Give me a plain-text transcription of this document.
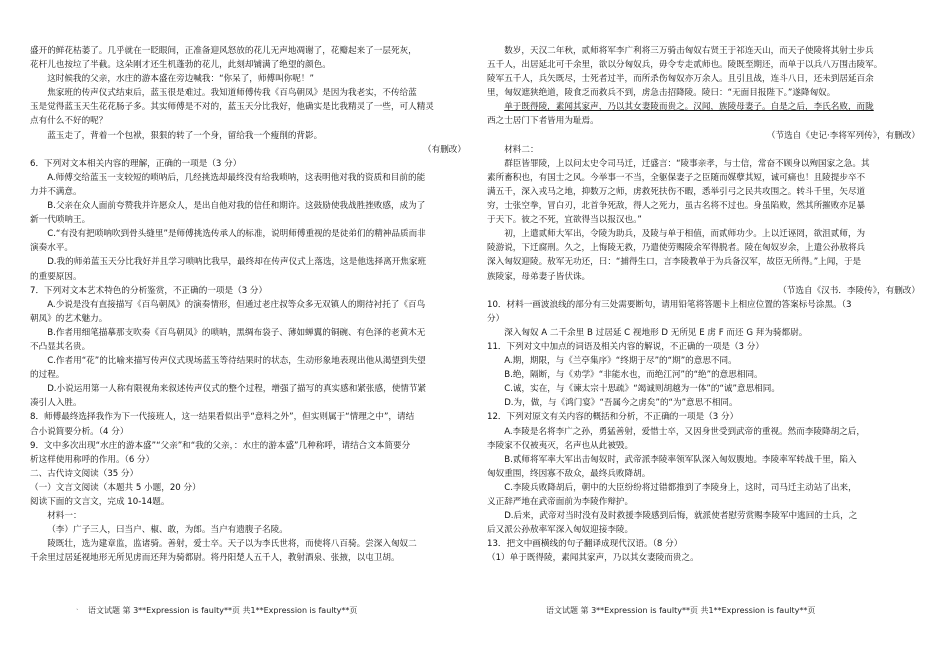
盛开的鲜花枯萎了。几乎就在一眨眼间，正准备迎风怒放的花儿无声地凋谢了，花瓣起来了一层死灰，

花杆儿也按垃了半截。这朵刚才还生机蓬勃的花儿，此刻却铺满了绝望的颜色。

这时候我的父亲，水庄的游本盛在旁边喊我：“你呆了，师傅叫你呢！”

焦家班的传声仪式结束后，蓝玉很是难过。我知道师傅传我《百鸟朝凤》是因为我老实，不传给蓝

玉是觉得蓝玉天生花花肠子多。其实师傅是不对的，蓝玉天分比我好，他确实是比我精灵了一些，可人精灵

点有什么不好的呢？

蓝玉走了，背着一个包袱，狠狠的转了一个身，留给我一个瘦削的背影。

（有删改）

6．下列对文本相关内容的理解，正确的一项是（3 分）

A.师傅交给蓝玉一支较短的唢呐后，几经挑选却最终没有给我唢呐，这表明他对我的资质和目前的能

力并不满意。

B.父亲在众人面前夸赞我并许愿众人，是出自他对我的信任和期许。这鼓励使我战胜挫败感，成为了

新一代唢呐王。

C.“有没有把唢呐吹到骨头缝里”是师傅挑选传承人的标准，说明师傅重视的是徒弟们的精神品质而非

演奏水平。

D.我的师弟蓝玉天分比我好并且学习唢呐比我早，最终却在传声仪式上落选，这是他选择离开焦家班

的重要原因。

7．下列对文本艺术特色的分析鉴赏，不正确的一项是（3 分）

A.少说是没有直接描写《百鸟朝凤》的演奏情形，但通过老庄叔等众多无双镇人的期待衬托了《百鸟

朝凤》的艺术魅力。

B.作者用细笔描摹那支吹奏《百鸟朝凤》的唢呐，黑绸布袋子、薄如蝉翼的铜碗、有色泽的老黄木无

不凸显其名贵。

C.作者用“花”的比喻来描写传声仪式现场蓝玉等待结果时的状态，生动形象地表现出他从渴望到失望

的过程。

D.小说运用第一人称有限视角来叙述传声仪式的整个过程，增强了描写的真实感和紧张感，使情节紧

凑引人入胜。

8．师傅最终选择我作为下一代接班人，这一结果看似出乎“意料之外”，但实则属于“情理之中”，请结

合小说简要分析。（4 分）

9．文中多次出现“水庄的游本盛”“父亲”和“我的父亲，：水庄的游本盛”几种称呼，请结合文本简要分

析这样使用称呼的作用。（6 分）

二、古代诗文阅读（35 分）

（一）文言文阅读（本题共 5 小题，20 分）

阅读下面的文言文，完成 10-14题。

材料一：

（李）广子三人，曰当户、椒、敢，为郎。当户有遗腹子名陵。

陵既壮，选为建章监，监诸骑。善射，爱士卒。天子以为李氏世将，而使将八百骑。尝深入匈奴二

千余里过居延视地形无所见虏而还拜为骑都尉。将丹阳楚人五千人，教射酒泉、张掖，以屯卫胡。

数岁，天汉二年秋，贰师将军李广利将三万骑击匈奴右贤王于祁连天山，而天子使陵将其射士步兵

五千人，出居延北可千余里，欲以分匈奴兵，毋令专走贰师也。陵既至期还，而单于以兵八万围击陵军。

陵军五千人，兵矢既尽，士死者过半，而所杀伤匈奴亦万余人。且引且战，连斗八日，还未到居延百余

里，匈奴遮狭绝道，陵食乏而救兵不到，虏急击招降陵。陵曰：“无面目报陛下。”遂降匈奴。

单于既得陵，素闻其家声，乃以其女妻陵而贵之。汉闻，族陵母妻子。自是之后，李氏名败，而陇

西之士居门下者皆用为耻焉。

（节选自《史记·李将军列传》，有删改）

材料二：

群臣皆罪陵，上以问太史令司马迁，迁盛言：“陵事亲孝，与士信，常奋不顾身以殉国家之急。其

素所畜积也，有国士之风。今举事一不当，全躯保妻子之臣随而媒孽其短，诚可痛也！且陵提步卒不

满五千，深入戎马之地，抑数万之师，虏救死扶伤不暇，悉举引弓之民共攻围之。转斗千里，矢尽道

穷，士张空拳，冒白刃，北首争死敌，得人之死力，虽古名将不过也。身虽陷败，然其所摧败亦足暴

于天下。彼之不死，宜欲得当以报汉也。”

初，上遣贰师大军出，令陵为助兵，及陵与单于相值，而贰师功少。上以迁诬罔，欲沮贰师，为

陵游说，下迁腐刑。久之，上悔陵无救，乃遣使劳赐陵余军得脱者。陵在匈奴岁余，上遣公孙敖将兵

深入匈奴迎陵。敖军无功还，曰：“捕得生口，言李陵教单于为兵备汉军，故臣无所得。”上闻，于是

族陵家，母弟妻子皆伏诛。

（节选自《汉书．李陵传》，有删改）

10．材料一画波浪线的部分有三处需要断句，请用铅笔将答题卡上相应位置的答案标号涂黑。（3

分）

深入匈奴 A 二千余里 B 过居延 C 视地形 D 无所见 E 虏 F 而还 G 拜为骑都尉。

11．下列对文中加点的词语及相关内容的解说，不正确的一项是（3 分）

A.期，期限，与《兰亭集序》“终期于尽”的“期”的意思不同。

B.绝，隔断，与《劝学》“非能水也，而绝江河”的“绝”的意思相同。

C.诚，实在，与《谏太宗十思疏》“竭诚则胡越为一体”的“诚”意思相同。

D.为，做，与《鸿门宴》“吾属今之虏矣”的“为”意思不相同。

12．下列对原文有关内容的概括和分析，不正确的一项是（3 分）

A.李陵是名将李广之孙，勇猛善射，爱惜士卒，又因身世受到武帝的重视。然而李陵降胡之后，

李陵家不仅被夷灭，名声也从此被毁。

B.贰师将军率大军出击匈奴时，武帝派李陵率领军队深入匈奴腹地。李陵率军转战千里，陷入

匈奴重围，终因寡不敌众，最终兵败降胡。

C.李陵兵败降胡后，朝中的大臣纷纷将过错都推到了李陵身上，这时，司马迁主动站了出来，

义正辞严地在武帝面前为李陵作辩护。

D.后来，武帝对当时没有及时救援李陵感到后悔，就派使者慰劳赏赐李陵军中逃回的士兵，之

后又派公孙敖率军深入匈奴迎接李陵。

13．把文中画横线的句子翻译成现代汉语。（8 分）

（1）单于既得陵，素闻其家声，乃以其女妻陵而贵之。

` 语文试题 第 3**Expression is faulty**页 共1**Expression is faulty**页	语文试题 第 3**Expression is faulty**页 共1**Expression is faulty**页
